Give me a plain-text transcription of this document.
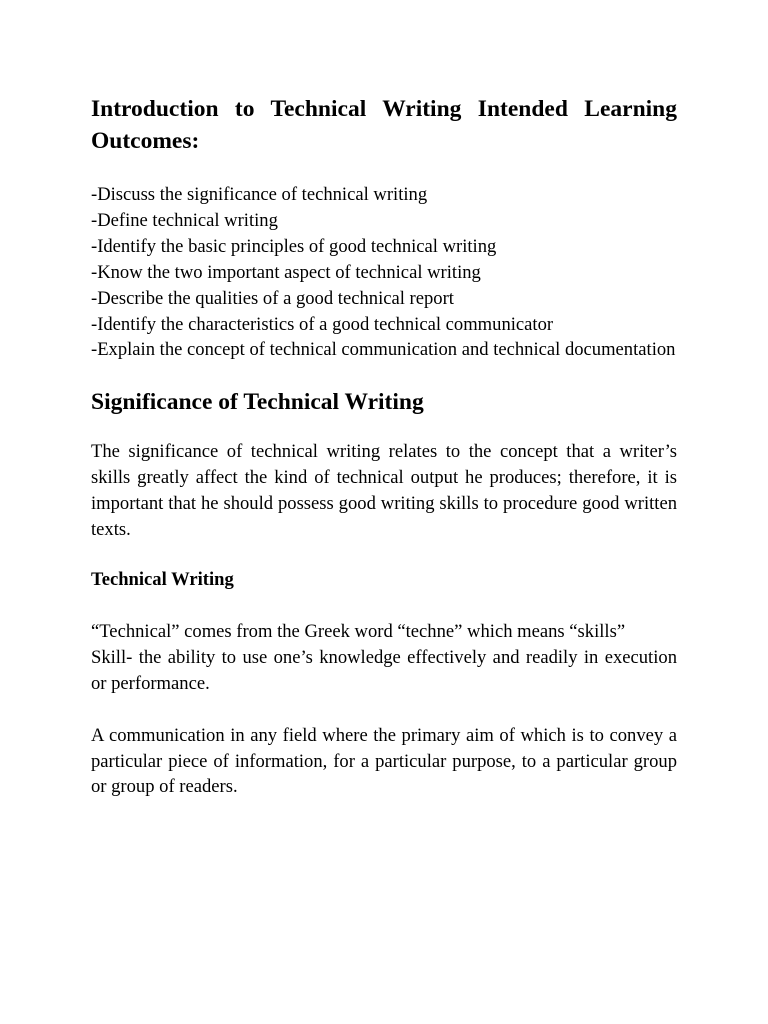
Introduction to Technical Writing Intended Learning Outcomes:
-Discuss the significance of technical writing
-Define technical writing
-Identify the basic principles of good technical writing
-Know the two important aspect of technical writing
-Describe the qualities of a good technical report
-Identify the characteristics of a good technical communicator
-Explain the concept of technical communication and technical documentation
Significance of Technical Writing

The significance of technical writing relates to the concept that a writer’s skills greatly affect the kind of technical output he produces; therefore, it is important that he should possess good writing skills to procedure good written texts.

Technical Writing
“Technical” comes from the Greek word “techne” which means “skills”
Skill- the ability to use one’s knowledge effectively and readily in execution or performance.

A communication in any field where the primary aim of which is to convey a particular piece of information, for a particular purpose, to a particular group or group of readers.
